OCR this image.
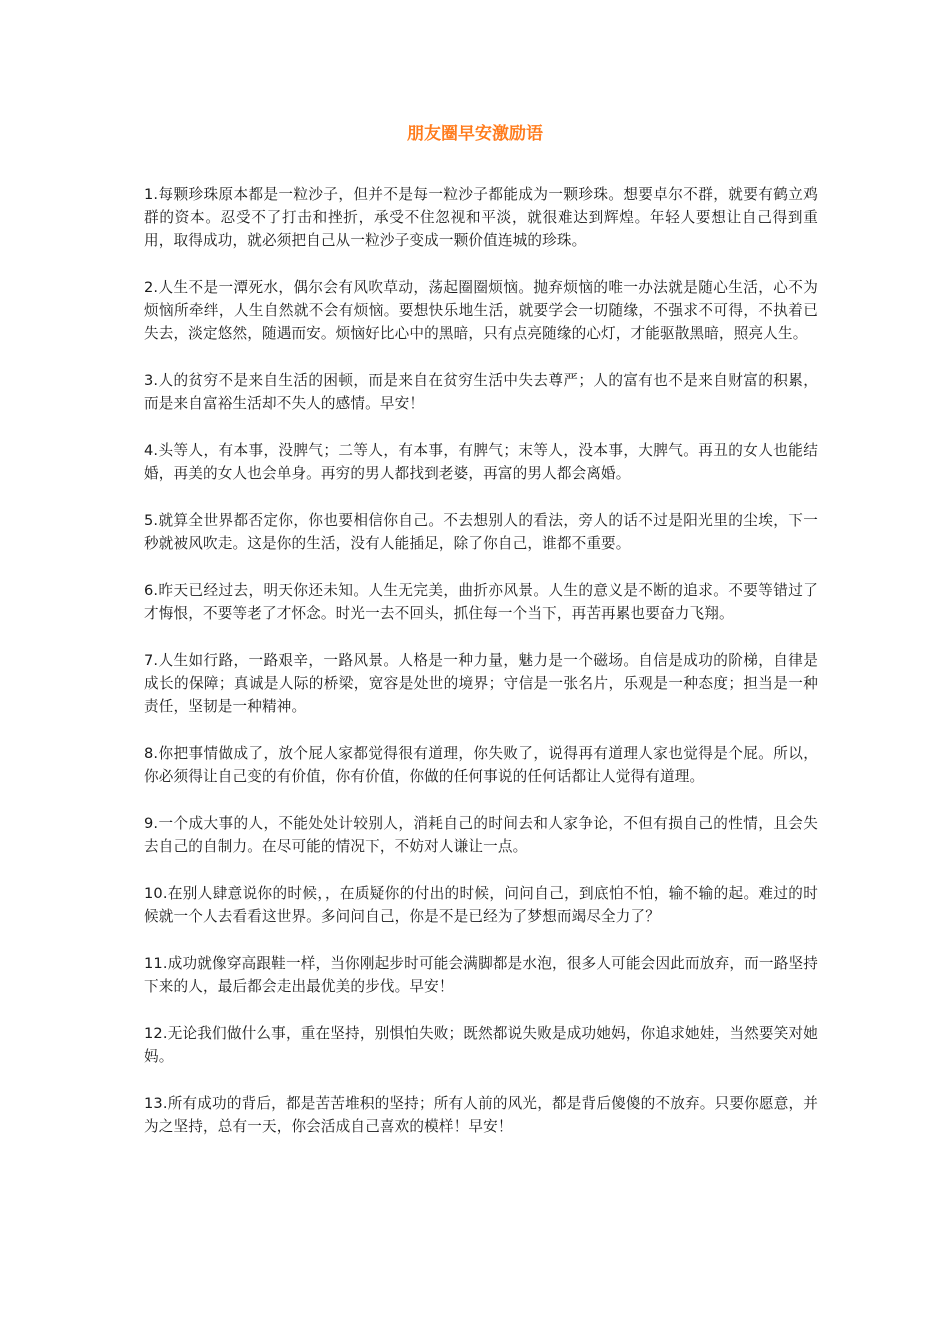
朋友圈早安激励语

1.每颗珍珠原本都是一粒沙子，但并不是每一粒沙子都能成为一颗珍珠。想要卓尔不群，就要有鹤立鸡群的资本。忍受不了打击和挫折，承受不住忽视和平淡，就很难达到辉煌。年轻人要想让自己得到重用，取得成功，就必须把自己从一粒沙子变成一颗价值连城的珍珠。

2.人生不是一潭死水，偶尔会有风吹草动，荡起圈圈烦恼。抛弃烦恼的唯一办法就是随心生活，心不为烦恼所牵绊，人生自然就不会有烦恼。要想快乐地生活，就要学会一切随缘，不强求不可得，不执着已失去，淡定悠然，随遇而安。烦恼好比心中的黑暗，只有点亮随缘的心灯，才能驱散黑暗，照亮人生。

3.人的贫穷不是来自生活的困顿，而是来自在贫穷生活中失去尊严；人的富有也不是来自财富的积累，而是来自富裕生活却不失人的感情。早安！

4.头等人，有本事，没脾气；二等人，有本事，有脾气；末等人，没本事，大脾气。再丑的女人也能结婚，再美的女人也会单身。再穷的男人都找到老婆，再富的男人都会离婚。

5.就算全世界都否定你，你也要相信你自己。不去想别人的看法，旁人的话不过是阳光里的尘埃，下一秒就被风吹走。这是你的生活，没有人能插足，除了你自己，谁都不重要。

6.昨天已经过去，明天你还未知。人生无完美，曲折亦风景。人生的意义是不断的追求。不要等错过了才悔恨，不要等老了才怀念。时光一去不回头，抓住每一个当下，再苦再累也要奋力飞翔。

7.人生如行路，一路艰辛，一路风景。人格是一种力量，魅力是一个磁场。自信是成功的阶梯，自律是成长的保障；真诚是人际的桥梁，宽容是处世的境界；守信是一张名片，乐观是一种态度；担当是一种责任，坚韧是一种精神。

8.你把事情做成了，放个屁人家都觉得很有道理，你失败了，说得再有道理人家也觉得是个屁。所以，你必须得让自己变的有价值，你有价值，你做的任何事说的任何话都让人觉得有道理。

9.一个成大事的人，不能处处计较别人，消耗自己的时间去和人家争论，不但有损自己的性情，且会失去自己的自制力。在尽可能的情况下，不妨对人谦让一点。

10.在别人肆意说你的时候，，在质疑你的付出的时候，问问自己，到底怕不怕，输不输的起。难过的时候就一个人去看看这世界。多问问自己，你是不是已经为了梦想而竭尽全力了？

11.成功就像穿高跟鞋一样，当你刚起步时可能会满脚都是水泡，很多人可能会因此而放弃，而一路坚持下来的人，最后都会走出最优美的步伐。早安！

12.无论我们做什么事，重在坚持，别惧怕失败；既然都说失败是成功她妈，你追求她娃，当然要笑对她妈。

13.所有成功的背后，都是苦苦堆积的坚持；所有人前的风光，都是背后傻傻的不放弃。只要你愿意，并为之坚持，总有一天，你会活成自己喜欢的模样！早安！
